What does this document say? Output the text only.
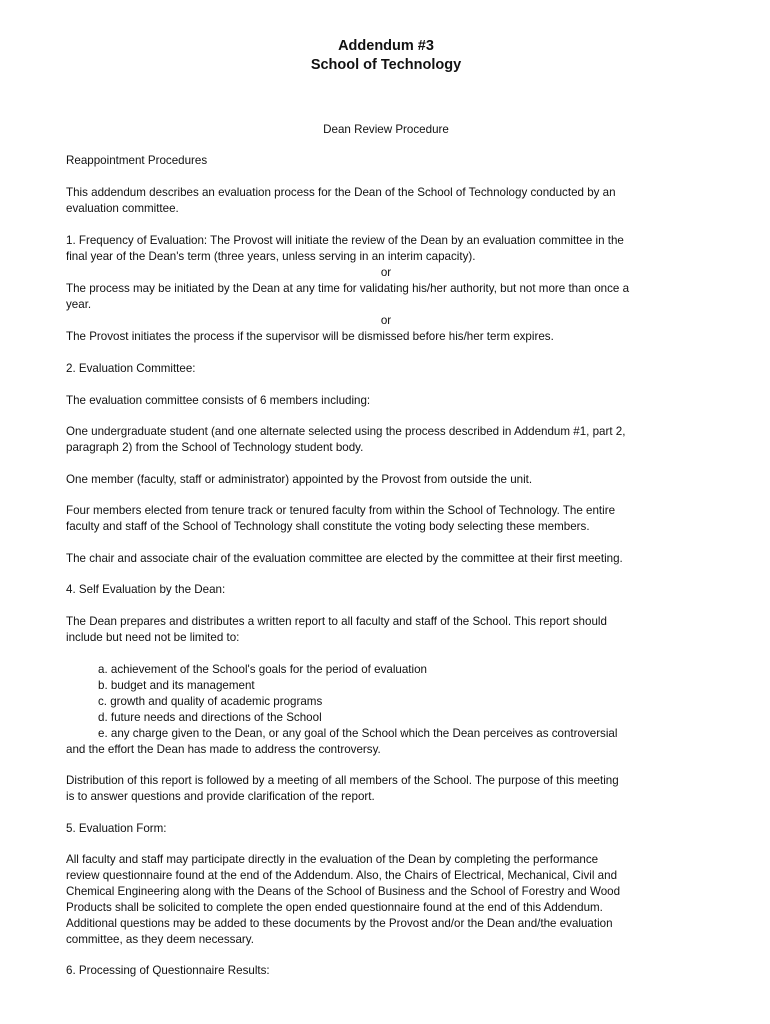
Addendum #3
School of Technology
Dean Review Procedure
Reappointment Procedures
This addendum describes an evaluation process for the Dean of the School of Technology conducted by an
evaluation committee.
1. Frequency of Evaluation: The Provost will initiate the review of the Dean by an evaluation committee in the
final year of the Dean's term (three years, unless serving in an interim capacity).
or
The process may be initiated by the Dean at any time for validating his/her authority, but not more than once a
year.
or
The Provost initiates the process if the supervisor will be dismissed before his/her term expires.
2. Evaluation Committee:
The evaluation committee consists of 6 members including:
One undergraduate student (and one alternate selected using the process described in Addendum #1, part 2,
paragraph 2) from the School of Technology student body.
One member (faculty, staff or administrator) appointed by the Provost from outside the unit.
Four members elected from tenure track or tenured faculty from within the School of Technology. The entire
faculty and staff of the School of Technology shall constitute the voting body selecting these members.
The chair and associate chair of the evaluation committee are elected by the committee at their first meeting.
4. Self Evaluation by the Dean:
The Dean prepares and distributes a written report to all faculty and staff of the School. This report should
include but need not be limited to:
a. achievement of the School's goals for the period of evaluation
b. budget and its management
c. growth and quality of academic programs
d. future needs and directions of the School
e. any charge given to the Dean, or any goal of the School which the Dean perceives as controversial
and the effort the Dean has made to address the controversy.
Distribution of this report is followed by a meeting of all members of the School. The purpose of this meeting
is to answer questions and provide clarification of the report.
5. Evaluation Form:
All faculty and staff may participate directly in the evaluation of the Dean by completing the performance
review questionnaire found at the end of the Addendum. Also, the Chairs of Electrical, Mechanical, Civil and
Chemical Engineering along with the Deans of the School of Business and the School of Forestry and Wood
Products shall be solicited to complete the open ended questionnaire found at the end of this Addendum.
Additional questions may be added to these documents by the Provost and/or the Dean and/the evaluation
committee, as they deem necessary.
6. Processing of Questionnaire Results:
